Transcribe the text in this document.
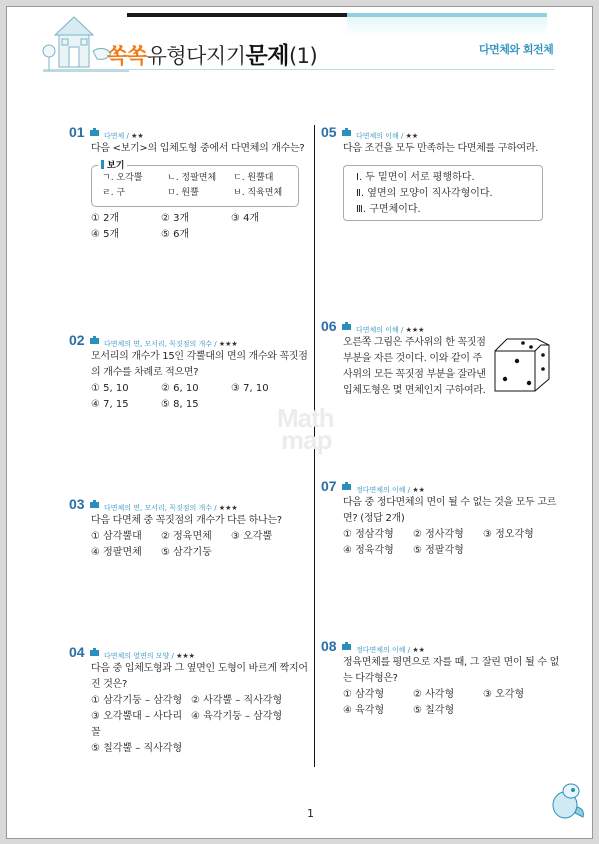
쏙쏙유형다지기문제(1)	다면체와 회전체
01	다면체 / ★★
다음 <보기>의 입체도형 중에서 다면체의 개수는?
보기
ㄱ. 오각뿔	ㄴ. 정팔면체	ㄷ. 원뿔대
ㄹ. 구	ㅁ. 원뿔	ㅂ. 직육면체
① 2개	② 3개	③ 4개
④ 5개	⑤ 6개
02	다면체의 면, 모서리, 꼭짓점의 개수 / ★★★
모서리의 개수가 15인 각뿔대의 면의 개수와 꼭짓점
의 개수를 차례로 적으면?
① 5, 10	② 6, 10	③ 7, 10
④ 7, 15	⑤ 8, 15
03	다면체의 면, 모서리, 꼭짓점의 개수 / ★★★
다음 다면체 중 꼭짓점의 개수가 다른 하나는?
① 삼각뿔대	② 정육면체	③ 오각뿔
④ 정팔면체	⑤ 삼각기둥
04	다면체의 옆면의 모양 / ★★★
다음 중 입체도형과 그 옆면인 도형이 바르게 짝지어
진 것은?
① 삼각기둥 – 삼각형 ② 사각뿔 – 직사각형
③ 오각뿔대 – 사다리꼴
④ 육각기둥 – 삼각형
⑤ 칠각뿔 – 직사각형
05	다면체의 이해 / ★★
다음 조건을 모두 만족하는 다면체를 구하여라.
Ⅰ. 두 밑면이 서로 평행하다.
Ⅱ. 옆면의 모양이 직사각형이다.
Ⅲ. 구면체이다.
06	다면체의 이해 / ★★★
오른쪽 그림은 주사위의 한 꼭짓점
부분을 자른 것이다. 이와 같이 주
사위의 모든 꼭짓점 부분을 잘라낸
입체도형은 몇 면체인지 구하여라.
07	정다면체의 이해 / ★★
다음 중 정다면체의 면이 될 수 없는 것을 모두 고르
면? (정답 2개)
① 정삼각형	② 정사각형	③ 정오각형
④ 정육각형	⑤ 정팔각형
08	정다면체의 이해 / ★★
정육면체를 평면으로 자를 때, 그 잘린 면이 될 수 없
는 다각형은?
① 삼각형	② 사각형	③ 오각형
④ 육각형	⑤ 칠각형
Math
map
1
